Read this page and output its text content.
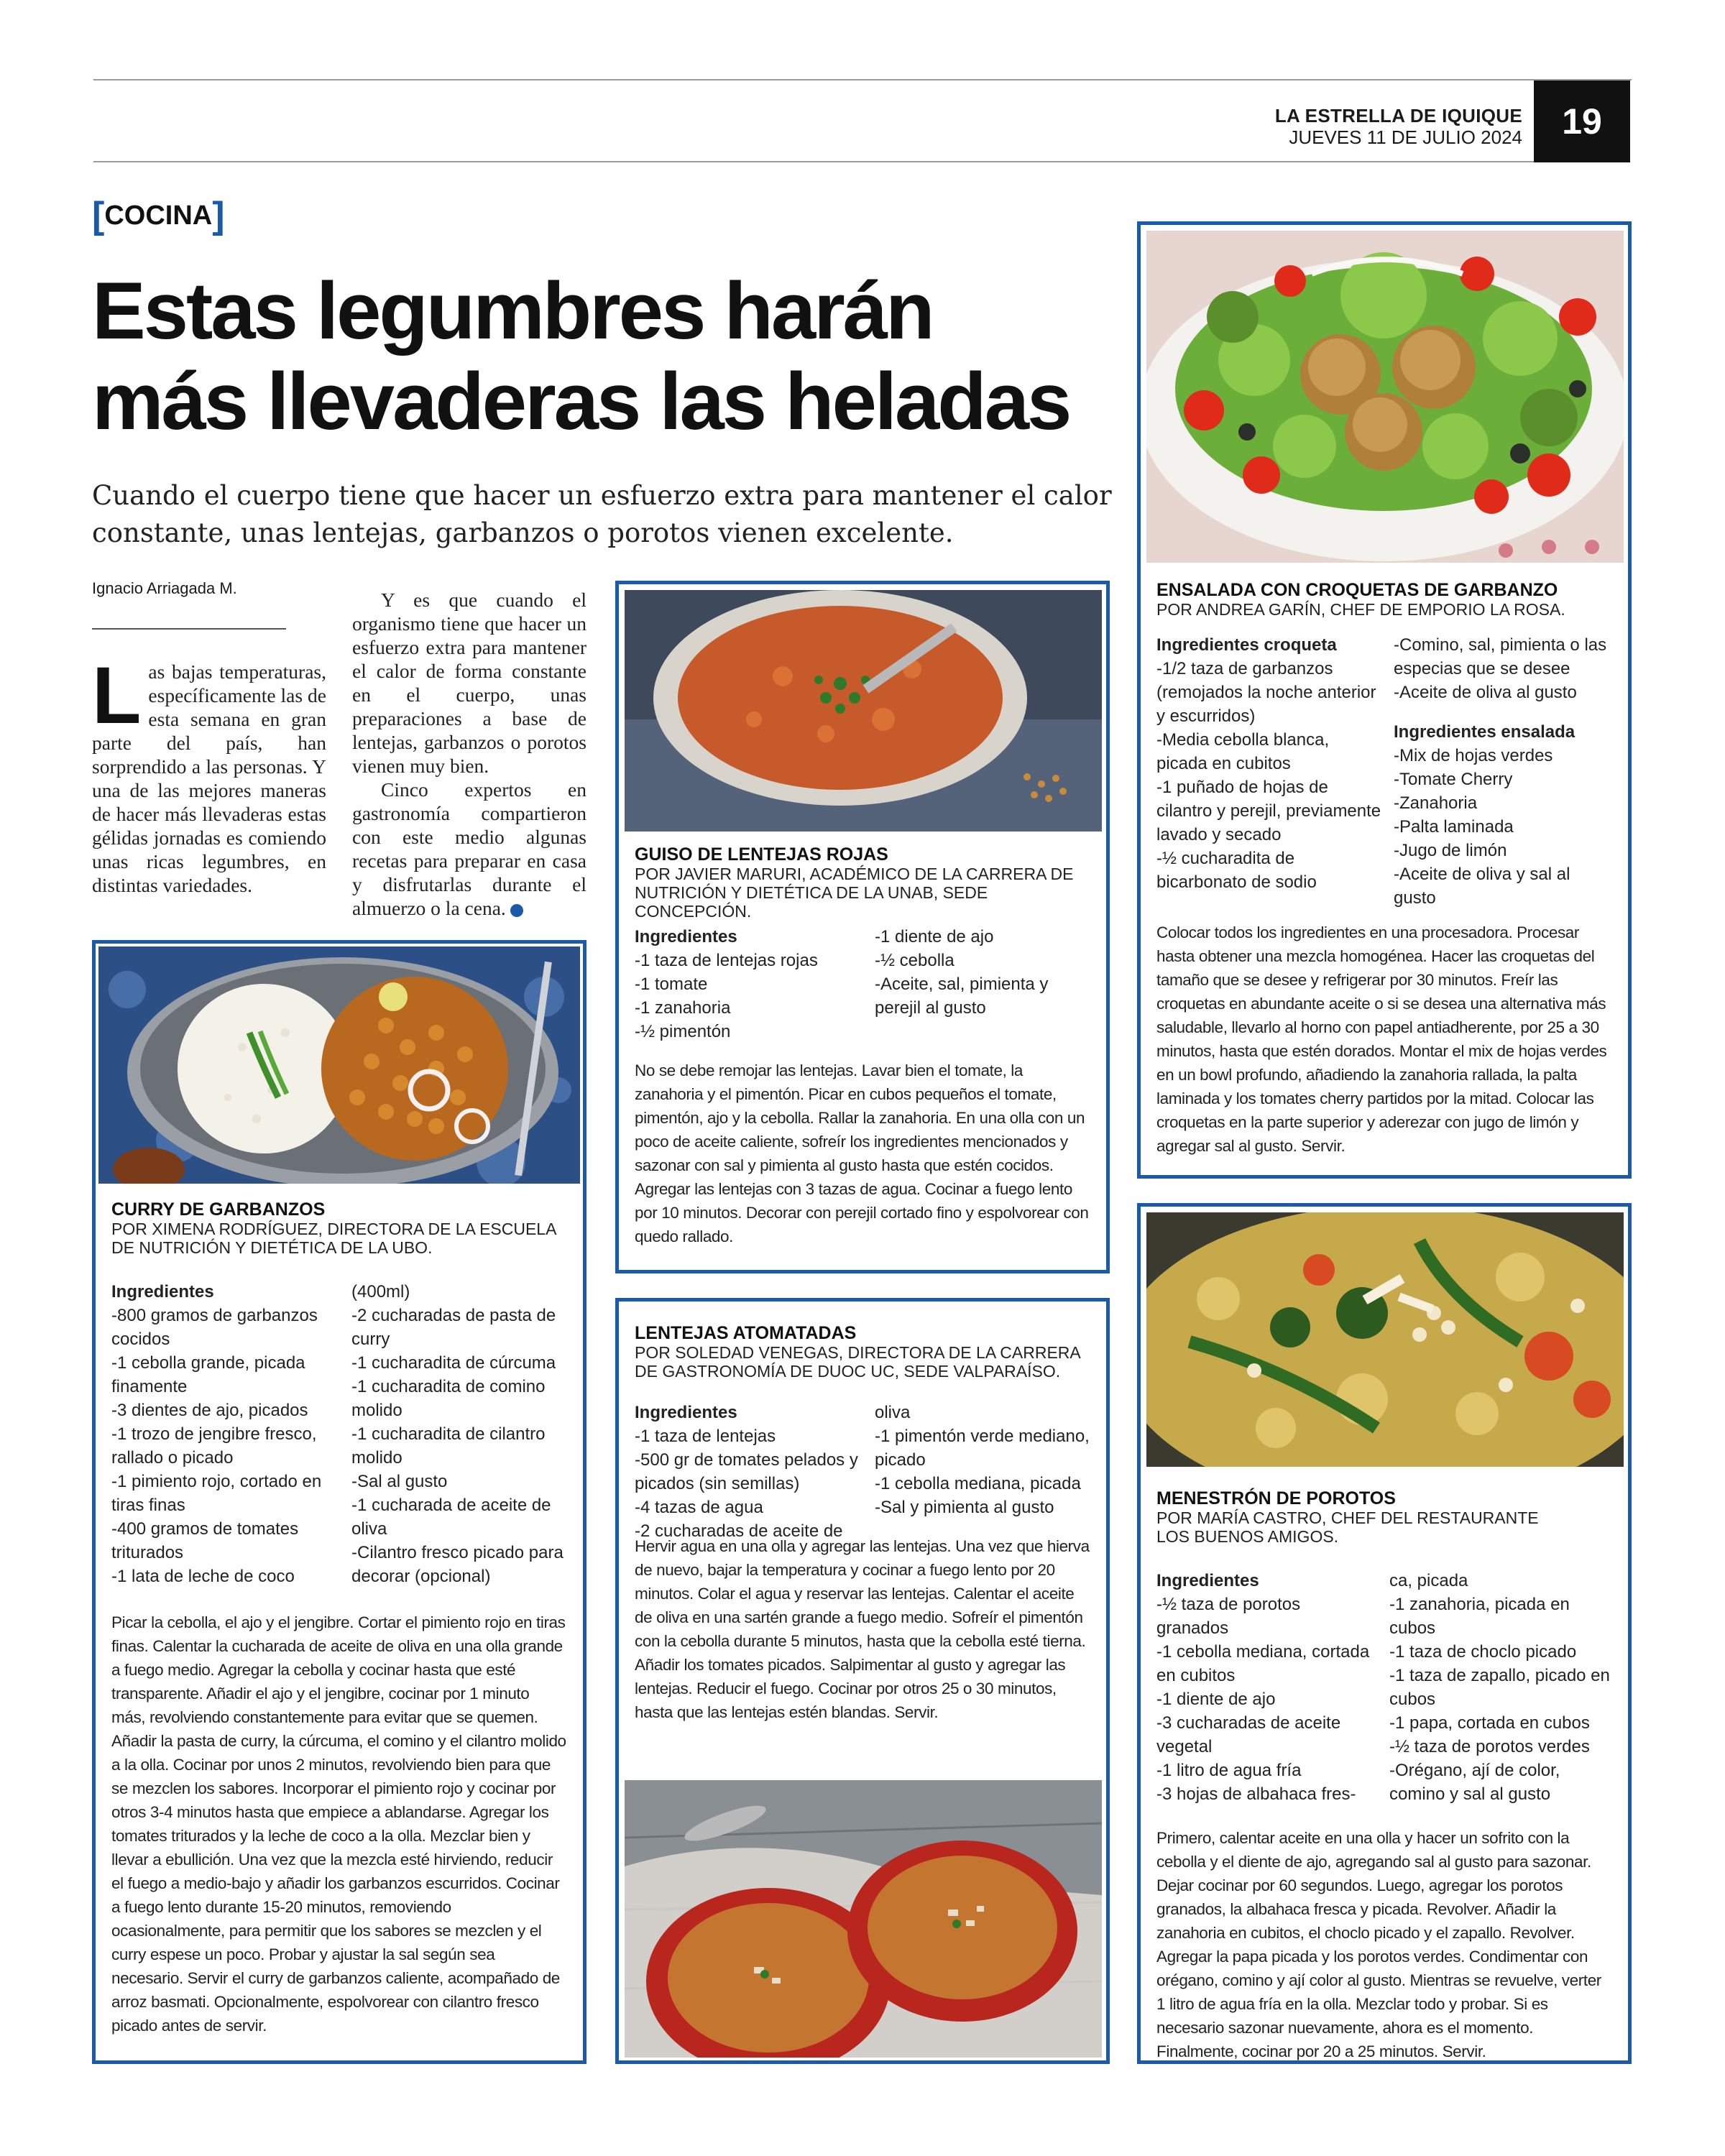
LA ESTRELLA DE IQUIQUE
JUEVES 11 DE JULIO 2024	19
[COCINA]
Estas legumbres harán
más llevaderas las heladas
Cuando el cuerpo tiene que hacer un esfuerzo extra para mantener el calor constante, unas lentejas, garbanzos o porotos vienen excelente.
Ignacio Arriagada M.
Las bajas temperaturas, específicamente las de esta semana en gran parte del país, han sorprendido a las personas. Y una de las mejores maneras de hacer más llevaderas estas gélidas jornadas es comiendo unas ricas legumbres, en distintas variedades.
Y es que cuando el organismo tiene que hacer un esfuerzo extra para mantener el calor de forma constante en el cuerpo, unas preparaciones a base de lentejas, garbanzos o porotos vienen muy bien.
Cinco expertos en gastronomía compartieron con este medio algunas recetas para preparar en casa y disfrutarlas durante el almuerzo o la cena.	✪
CURRY DE GARBANZOS
POR XIMENA RODRÍGUEZ, DIRECTORA DE LA ESCUELA DE NUTRICIÓN Y DIETÉTICA DE LA UBO.
Ingredientes
-800 gramos de garbanzos cocidos
-1 cebolla grande, picada finamente
-3 dientes de ajo, picados
-1 trozo de jengibre fresco, rallado o picado
-1 pimiento rojo, cortado en tiras finas
-400 gramos de tomates triturados
-1 lata de leche de coco
(400ml)
-2 cucharadas de pasta de curry
-1 cucharadita de cúrcuma
-1 cucharadita de comino molido
-1 cucharadita de cilantro molido
-Sal al gusto
-1 cucharada de aceite de oliva
-Cilantro fresco picado para decorar (opcional)
Picar la cebolla, el ajo y el jengibre. Cortar el pimiento rojo en tiras finas. Calentar la cucharada de aceite de oliva en una olla grande a fuego medio. Agregar la cebolla y cocinar hasta que esté transparente. Añadir el ajo y el jengibre, cocinar por 1 minuto más, revolviendo constantemente para evitar que se quemen. Añadir la pasta de curry, la cúrcuma, el comino y el cilantro molido a la olla. Cocinar por unos 2 minutos, revolviendo bien para que se mezclen los sabores. Incorporar el pimiento rojo y cocinar por otros 3-4 minutos hasta que empiece a ablandarse. Agregar los tomates triturados y la leche de coco a la olla. Mezclar bien y llevar a ebullición. Una vez que la mezcla esté hirviendo, reducir el fuego a medio-bajo y añadir los garbanzos escurridos. Cocinar a fuego lento durante 15-20 minutos, removiendo ocasionalmente, para permitir que los sabores se mezclen y el curry espese un poco. Probar y ajustar la sal según sea necesario. Servir el curry de garbanzos caliente, acompañado de arroz basmati. Opcionalmente, espolvorear con cilantro fresco picado antes de servir.
GUISO DE LENTEJAS ROJAS
POR JAVIER MARURI, ACADÉMICO DE LA CARRERA DE NUTRICIÓN Y DIETÉTICA DE LA UNAB, SEDE CONCEPCIÓN.
Ingredientes
-1 taza de lentejas rojas
-1 tomate
-1 zanahoria
-½ pimentón
-1 diente de ajo
-½ cebolla
-Aceite, sal, pimienta y perejil al gusto
No se debe remojar las lentejas. Lavar bien el tomate, la zanahoria y el pimentón. Picar en cubos pequeños el tomate, pimentón, ajo y la cebolla. Rallar la zanahoria. En una olla con un poco de aceite caliente, sofreír los ingredientes mencionados y sazonar con sal y pimienta al gusto hasta que estén cocidos. Agregar las lentejas con 3 tazas de agua. Cocinar a fuego lento por 10 minutos. Decorar con perejil cortado fino y espolvorear con quedo rallado.
LENTEJAS ATOMATADAS
POR SOLEDAD VENEGAS, DIRECTORA DE LA CARRERA DE GASTRONOMÍA DE DUOC UC, SEDE VALPARAÍSO.
Ingredientes
-1 taza de lentejas
-500 gr de tomates pelados y picados (sin semillas)
-4 tazas de agua
-2 cucharadas de aceite de
oliva
-1 pimentón verde mediano, picado
-1 cebolla mediana, picada
-Sal y pimienta al gusto
Hervir agua en una olla y agregar las lentejas. Una vez que hierva de nuevo, bajar la temperatura y cocinar a fuego lento por 20 minutos. Colar el agua y reservar las lentejas. Calentar el aceite de oliva en una sartén grande a fuego medio. Sofreír el pimentón con la cebolla durante 5 minutos, hasta que la cebolla esté tierna. Añadir los tomates picados. Salpimentar al gusto y agregar las lentejas. Reducir el fuego. Cocinar por otros 25 o 30 minutos, hasta que las lentejas estén blandas. Servir.
ENSALADA CON CROQUETAS DE GARBANZO
POR ANDREA GARÍN, CHEF DE EMPORIO LA ROSA.
Ingredientes croqueta
-1/2 taza de garbanzos (remojados la noche anterior y escurridos)
-Media cebolla blanca, picada en cubitos
-1 puñado de hojas de cilantro y perejil, previamente lavado y secado
-½ cucharadita de bicarbonato de sodio
-Comino, sal, pimienta o las especias que se desee
-Aceite de oliva al gusto
Ingredientes ensalada
-Mix de hojas verdes
-Tomate Cherry
-Zanahoria
-Palta laminada
-Jugo de limón
-Aceite de oliva y sal al gusto
Colocar todos los ingredientes en una procesadora. Procesar hasta obtener una mezcla homogénea. Hacer las croquetas del tamaño que se desee y refrigerar por 30 minutos. Freír las croquetas en abundante aceite o si se desea una alternativa más saludable, llevarlo al horno con papel antiadherente, por 25 a 30 minutos, hasta que estén dorados. Montar el mix de hojas verdes en un bowl profundo, añadiendo la zanahoria rallada, la palta laminada y los tomates cherry partidos por la mitad. Colocar las croquetas en la parte superior y aderezar con jugo de limón y agregar sal al gusto. Servir.
MENESTRÓN DE POROTOS
POR MARÍA CASTRO, CHEF DEL RESTAURANTE LOS BUENOS AMIGOS.
Ingredientes
-½ taza de porotos granados
-1 cebolla mediana, cortada en cubitos
-1 diente de ajo
-3 cucharadas de aceite vegetal
-1 litro de agua fría
-3 hojas de albahaca fres-
ca, picada
-1 zanahoria, picada en cubos
-1 taza de choclo picado
-1 taza de zapallo, picado en cubos
-1 papa, cortada en cubos
-½ taza de porotos verdes
-Orégano, ají de color, comino y sal al gusto
Primero, calentar aceite en una olla y hacer un sofrito con la cebolla y el diente de ajo, agregando sal al gusto para sazonar. Dejar cocinar por 60 segundos. Luego, agregar los porotos granados, la albahaca fresca y picada. Revolver. Añadir la zanahoria en cubitos, el choclo picado y el zapallo. Revolver. Agregar la papa picada y los porotos verdes. Condimentar con orégano, comino y ají color al gusto. Mientras se revuelve, verter 1 litro de agua fría en la olla. Mezclar todo y probar. Si es necesario sazonar nuevamente, ahora es el momento. Finalmente, cocinar por 20 a 25 minutos. Servir.
